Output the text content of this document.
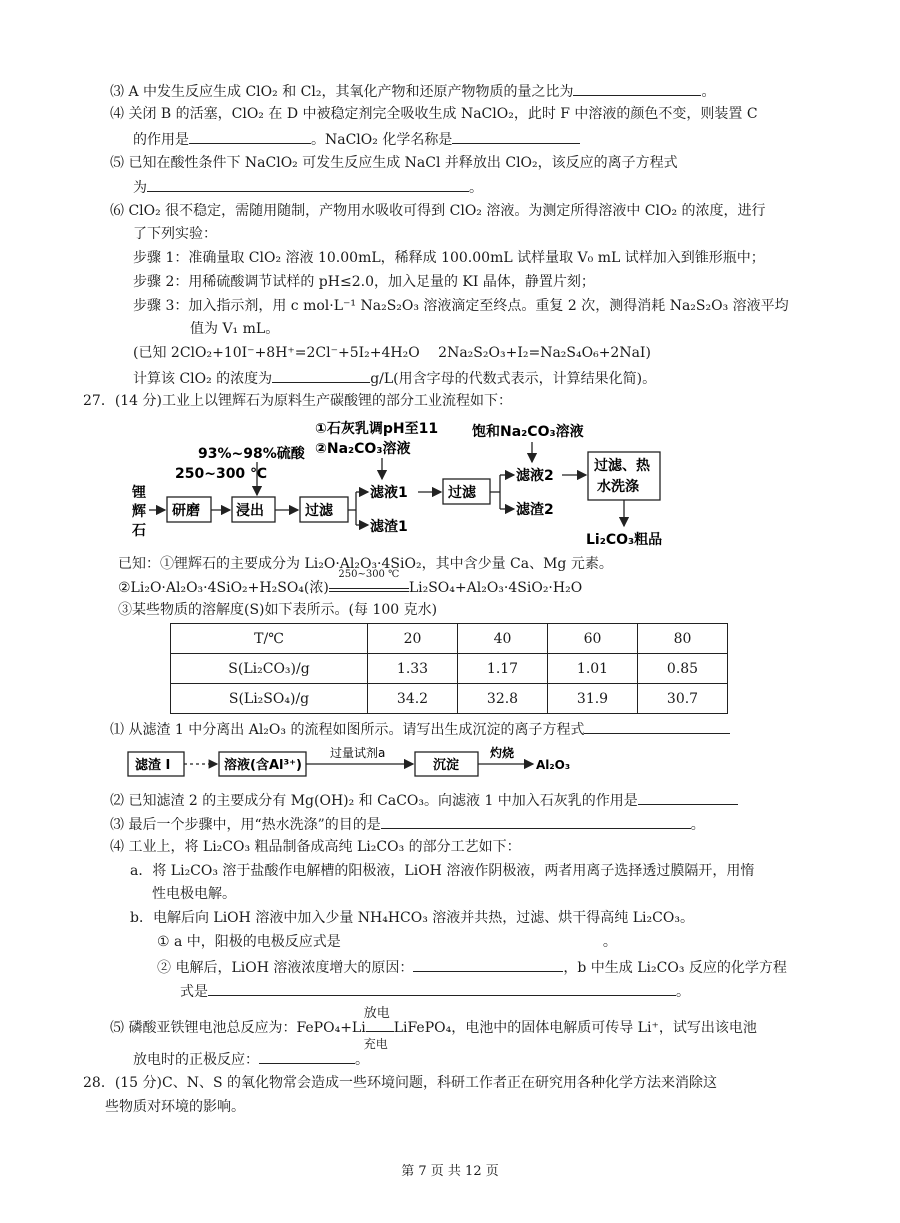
⑶ A 中发生反应生成 ClO₂ 和 Cl₂，其氧化产物和还原产物物质的量之比为	。
⑷ 关闭 B 的活塞，ClO₂ 在 D 中被稳定剂完全吸收生成 NaClO₂，此时 F 中溶液的颜色不变，则装置 C
的作用是	。NaClO₂ 化学名称是
⑸ 已知在酸性条件下 NaClO₂ 可发生反应生成 NaCl 并释放出 ClO₂，该反应的离子方程式
为	。
⑹ ClO₂ 很不稳定，需随用随制，产物用水吸收可得到 ClO₂ 溶液。为测定所得溶液中 ClO₂ 的浓度，进行
了下列实验：
步骤 1：准确量取 ClO₂ 溶液 10.00mL，稀释成 100.00mL 试样量取 V₀ mL 试样加入到锥形瓶中；
步骤 2：用稀硫酸调节试样的 pH≤2.0，加入足量的 KI 晶体，静置片刻；
步骤 3：加入指示剂，用 c mol·L⁻¹ Na₂S₂O₃ 溶液滴定至终点。重复 2 次，测得消耗 Na₂S₂O₃ 溶液平均
值为 V₁ mL。
(已知 2ClO₂+10I⁻+8H⁺=2Cl⁻+5I₂+4H₂O　 2Na₂S₂O₃+I₂=Na₂S₄O₆+2NaI)
计算该 ClO₂ 的浓度为	g/L(用含字母的代数式表示，计算结果化简)。
27．(14 分)工业上以锂辉石为原料生产碳酸锂的部分工业流程如下：
锂
辉
石
研磨
93%~98%硫酸
250~300 ℃
浸出	过滤
滤液1
滤渣1
①石灰乳调pH至11
②Na₂CO₃溶液
过滤
滤液2
滤渣2
饱和Na₂CO₃溶液
过滤、热
水洗涤
Li₂CO₃粗品
已知：①锂辉石的主要成分为 Li₂O·Al₂O₃·4SiO₂，其中含少量 Ca、Mg 元素。
②Li₂O·Al₂O₃·4SiO₂+H₂SO₄(浓)
250~300 ℃
Li₂SO₄+Al₂O₃·4SiO₂·H₂O
③某些物质的溶解度(S)如下表所示。(每 100 克水)
T/℃	20	40	60	80
S(Li₂CO₃)/g	1.33	1.17	1.01	0.85
S(Li₂SO₄)/g	34.2	32.8	31.9	30.7
⑴ 从滤渣 1 中分离出 Al₂O₃ 的流程如图所示。请写出生成沉淀的离子方程式
滤渣 I	溶液(含Al³⁺)
过量试剂a
沉淀
灼烧
Al₂O₃
⑵ 已知滤渣 2 的主要成分有 Mg(OH)₂ 和 CaCO₃。向滤液 1 中加入石灰乳的作用是
⑶ 最后一个步骤中，用“热水洗涤”的目的是	。
⑷ 工业上，将 Li₂CO₃ 粗品制备成高纯 Li₂CO₃ 的部分工艺如下：
a．将 Li₂CO₃ 溶于盐酸作电解槽的阳极液，LiOH 溶液作阴极液，两者用离子选择透过膜隔开，用惰
性电极电解。
b．电解后向 LiOH 溶液中加入少量 NH₄HCO₃ 溶液并共热，过滤、烘干得高纯 Li₂CO₃。
① a 中，阳极的电极反应式是	。
② 电解后，LiOH 溶液浓度增大的原因：	，b 中生成 Li₂CO₃ 反应的化学方程
式是	。
⑸ 磷酸亚铁锂电池总反应为：FePO₄+Li
放电
充电
LiFePO₄，电池中的固体电解质可传导 Li⁺，试写出该电池
放电时的正极反应：	。
28．(15 分)C、N、S 的氧化物常会造成一些环境问题，科研工作者正在研究用各种化学方法来消除这
些物质对环境的影响。
第 7 页 共 12 页
